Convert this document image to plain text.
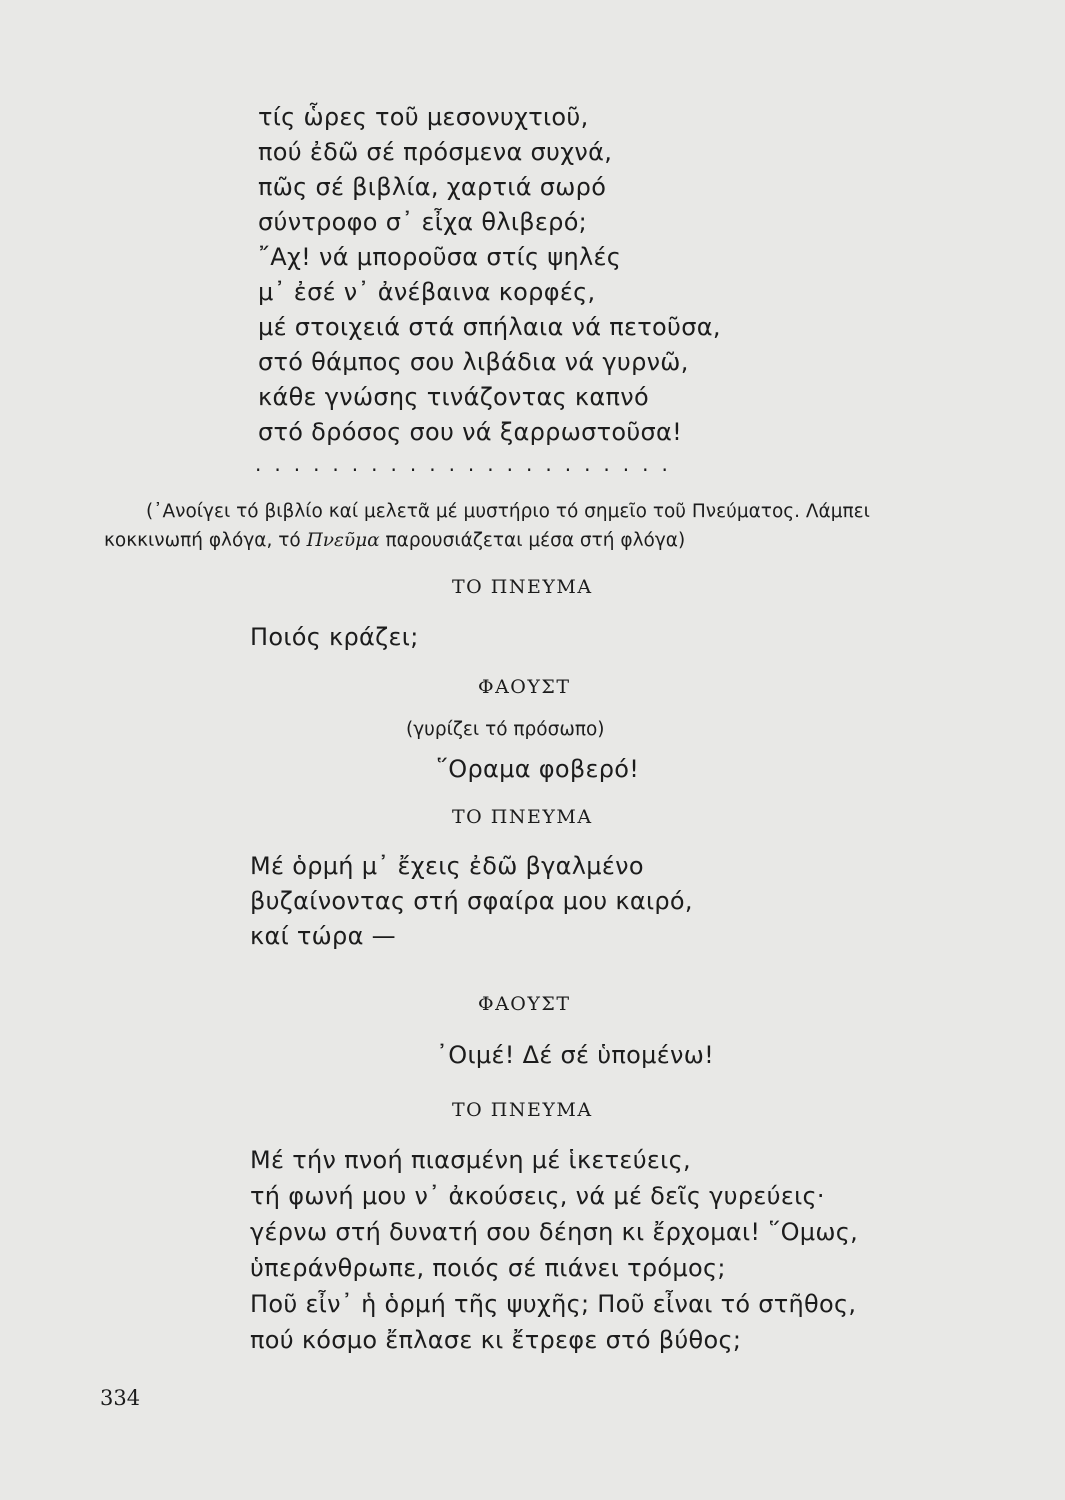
τίς ὧρες τοῦ μεσονυχτιοῦ,
πού ἐδῶ σέ πρόσμενα συχνά,
πῶς σέ βιβλία, χαρτιά σωρό
σύντροφο σ᾿ εἶχα θλιβερό;
῎Αχ! νά μποροῦσα στίς ψηλές
μ᾿ ἐσέ ν᾿ ἀνέβαινα κορφές,
μέ στοιχειά στά σπήλαια νά πετοῦσα,
στό θάμπος σου λιβάδια νά γυρνῶ,
κάθε γνώσης τινάζοντας καπνό
στό δρόσος σου νά ξαρρωστοῦσα!
......................
(᾿Ανοίγει τό βιβλίο καί μελετᾶ μέ μυστήριο τό σημεῖο τοῦ Πνεύματος. Λάμπει
κοκκινωπή φλόγα, τό Πνεῦμα παρουσιάζεται μέσα στή φλόγα)
ΤΟ ΠΝΕΥΜΑ
Ποιός κράζει;
ΦΑΟΥΣΤ
(γυρίζει τό πρόσωπο)
῞Οραμα φοβερό!
ΤΟ ΠΝΕΥΜΑ
Μέ ὁρμή μ᾿ ἔχεις ἐδῶ βγαλμένο
βυζαίνοντας στή σφαίρα μου καιρό,
καί τώρα —
ΦΑΟΥΣΤ
᾿Οιμέ! Δέ σέ ὑπομένω!
ΤΟ ΠΝΕΥΜΑ
Μέ τήν πνοή πιασμένη μέ ἱκετεύεις,
τή φωνή μου ν᾿ ἀκούσεις, νά μέ δεῖς γυρεύεις·
γέρνω στή δυνατή σου δέηση κι ἔρχομαι! ῞Ομως,
ὑπεράνθρωπε, ποιός σέ πιάνει τρόμος;
Ποῦ εἶν᾿ ἡ ὁρμή τῆς ψυχῆς; Ποῦ εἶναι τό στῆθος,
πού κόσμο ἔπλασε κι ἔτρεφε στό βύθος;
334
